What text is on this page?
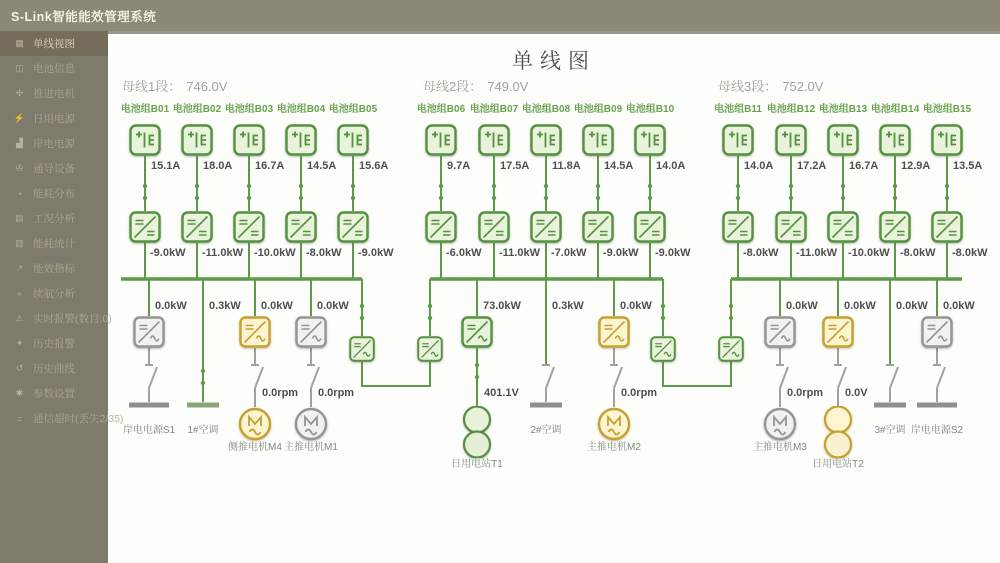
S-Link智能能效管理系统
▦ 单线视图
◫ 电池信息
✣ 推进电机
⚡ 日用电源
▟ 岸电电源
✇ 通导设备
◔	能耗分布
▤ 工况分析
▥ 能耗统计
↗ 能效指标
≈	续航分析
⚠ 实时报警(数目:0)
✦ 历史报警
↺ 历史曲线
✱ 参数设置
=	通信超时(丢失2/35)
单线图
母线1段： 746.0V	母线2段： 749.0V	母线3段： 752.0V
电池组B01 电池组B02 电池组B03 电池组B04 电池组B05	电池组B06 电池组B07 电池组B08 电池组B09 电池组B10	电池组B11 电池组B12 电池组B13 电池组B14 电池组B15
15.1A 18.0A 16.7A 14.5A 15.6A	9.7A	17.5A 11.8A 14.5A 14.0A	14.0A 17.2A 16.7A 12.9A 13.5A
-9.0kW -11.0kW -10.0kW -8.0kW -9.0kW	-6.0kW -11.0kW -7.0kW -9.0kW -9.0kW	-8.0kW -11.0kW -10.0kW -8.0kW -8.0kW
0.0kW 0.3kW 0.0kW 0.0kW	73.0kW	0.3kW	0.0kW	0.0kW 0.0kW 0.0kW 0.0kW
0.0rpm 0.0rpm	401.1V	0.0rpm	0.0rpm 0.0V
岸电电源S1	1#空调	2#空调	3#空调 岸电电源S2
侧推电机M4 主推电机M1	主推电机M2	主推电机M3
日用电站T1	日用电站T2
